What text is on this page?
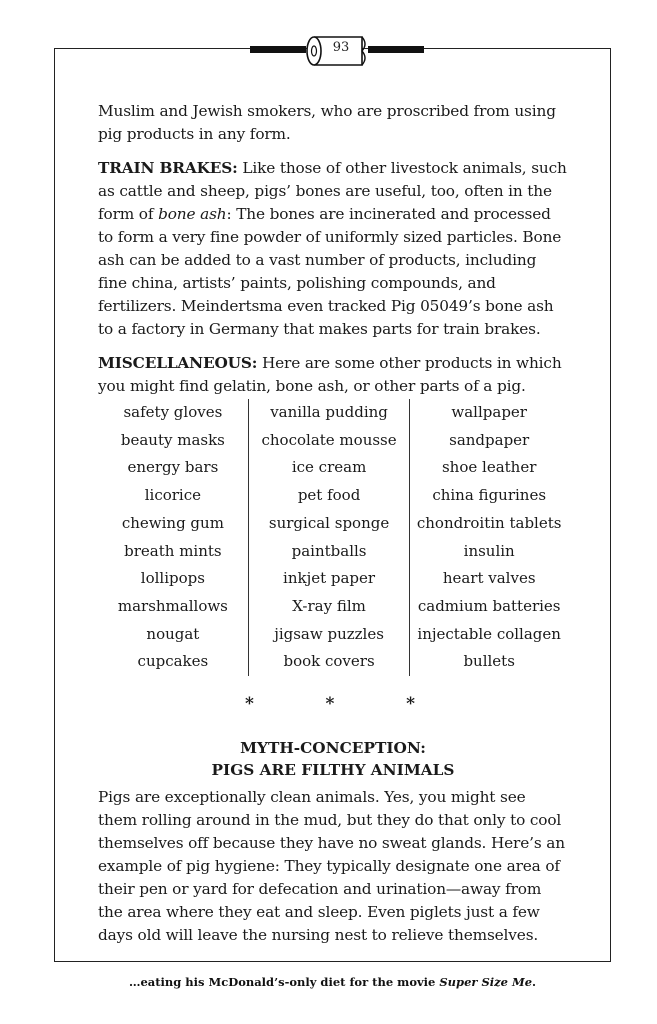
93

Muslim and Jewish smokers, who are proscribed from using pig products in any form.

TRAIN BRAKES: Like those of other livestock animals, such as cattle and sheep, pigs’ bones are useful, too, often in the form of bone ash: The bones are incinerated and processed to form a very fine powder of uniformly sized particles. Bone ash can be added to a vast number of products, including fine china, artists’ paints, polishing compounds, and fertilizers. Meindertsma even tracked Pig 05049’s bone ash to a factory in Germany that makes parts for train brakes.

MISCELLANEOUS: Here are some other products in which you might find gelatin, bone ash, or other parts of a pig.

safety gloves
beauty masks
energy bars
licorice
chewing gum
breath mints
lollipops
marshmallows
nougat
cupcakes
vanilla pudding
chocolate mousse
ice cream
pet food
surgical sponge
paintballs
inkjet paper
X-ray film
jigsaw puzzles
book covers
wallpaper
sandpaper
shoe leather
china figurines
chondroitin tablets
insulin
heart valves
cadmium batteries
injectable collagen
bullets
*	*	*
MYTH-CONCEPTION:
PIGS ARE FILTHY ANIMALS

Pigs are exceptionally clean animals. Yes, you might see them rolling around in the mud, but they do that only to cool themselves off because they have no sweat glands. Here’s an example of pig hygiene: They typically designate one area of their pen or yard for defecation and urination—away from the area where they eat and sleep. Even piglets just a few days old will leave the nursing nest to relieve themselves.

…eating his McDonald’s-only diet for the movie Super Size Me.
